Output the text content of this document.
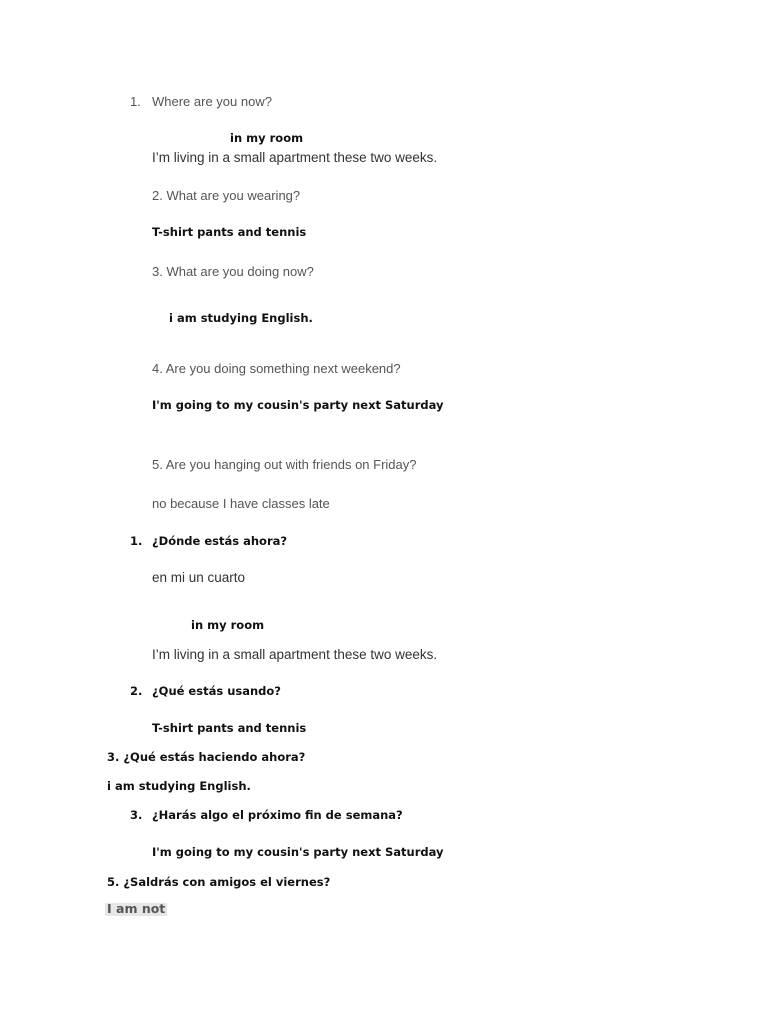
1. Where are you now?
in my room
I’m living in a small apartment these two weeks.
2. What are you wearing?
T-shirt pants and tennis
3. What are you doing now?
i am studying English.
4. Are you doing something next weekend?
I'm going to my cousin's party next Saturday
5. Are you hanging out with friends on Friday?
no because I have classes late
1. ¿Dónde estás ahora?
en mi un cuarto
in my room
I’m living in a small apartment these two weeks.
2. ¿Qué estás usando?
T-shirt pants and tennis
3. ¿Qué estás haciendo ahora?
i am studying English.
3. ¿Harás algo el próximo fin de semana?
I'm going to my cousin's party next Saturday
5. ¿Saldrás con amigos el viernes?
I am not
